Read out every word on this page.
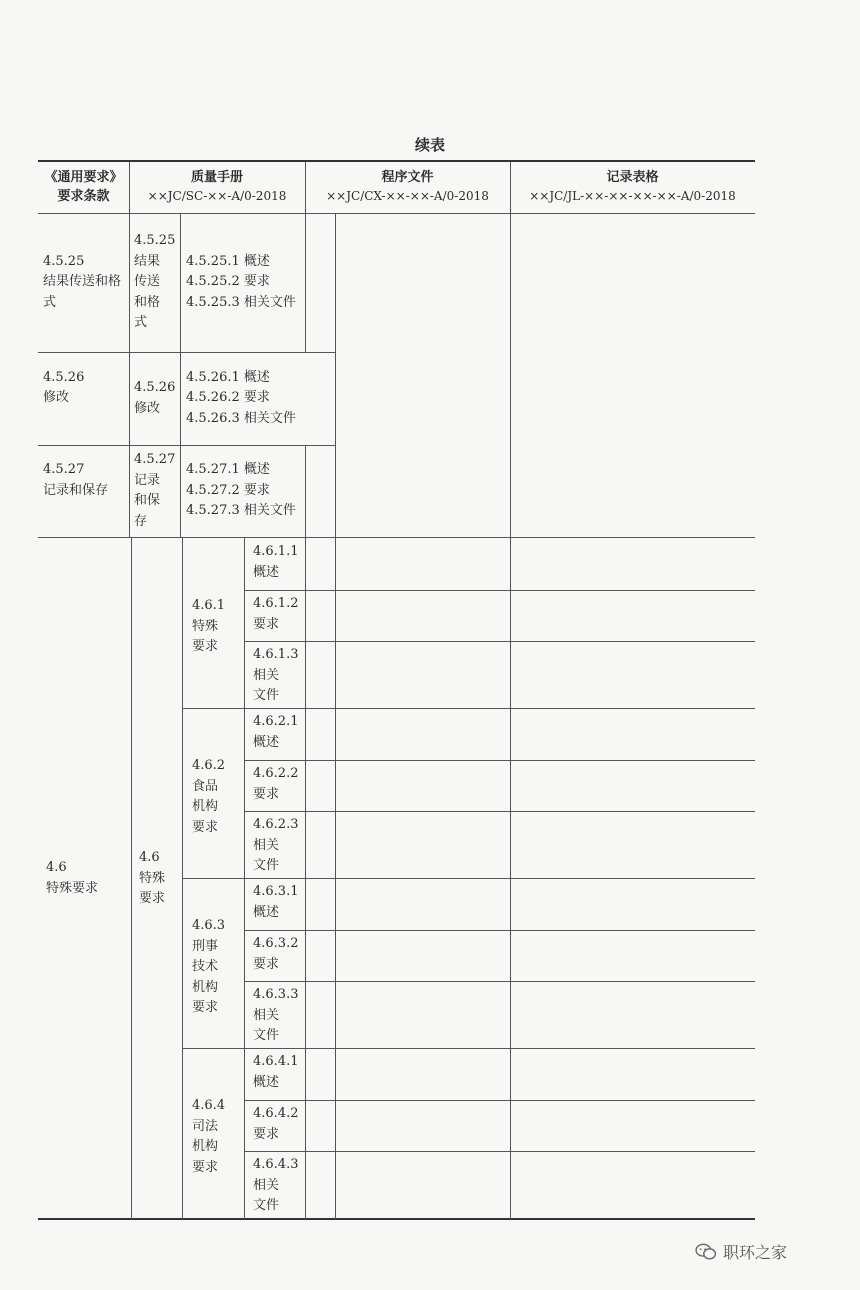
续表
《通用要求》
要求条款
质量手册
××JC/SC-××-A/0-2018
程序文件
××JC/CX-××-××-A/0-2018
记录表格
××JC/JL-××-××-××-××-A/0-2018
4.5.25
结果传送和格式
4.5.25
结果
传送
和格
式
4.5.25.1 概述
4.5.25.2 要求
4.5.25.3 相关文件
4.5.26
修改
4.5.26
修改
4.5.26.1 概述
4.5.26.2 要求
4.5.26.3 相关文件
4.5.27
记录和保存
4.5.27
记录
和保
存
4.5.27.1 概述
4.5.27.2 要求
4.5.27.3 相关文件
4.6
特殊要求
4.6
特殊
要求
4.6.1
特殊
要求
4.6.1.1
概述
4.6.1.2
要求
4.6.1.3
相关
文件
4.6.2
食品
机构
要求
4.6.2.1
概述
4.6.2.2
要求
4.6.2.3
相关
文件
4.6.3
刑事
技术
机构
要求
4.6.3.1
概述
4.6.3.2
要求
4.6.3.3
相关
文件
4.6.4
司法
机构
要求
4.6.4.1
概述
4.6.4.2
要求
4.6.4.3
相关
文件
职环之家
